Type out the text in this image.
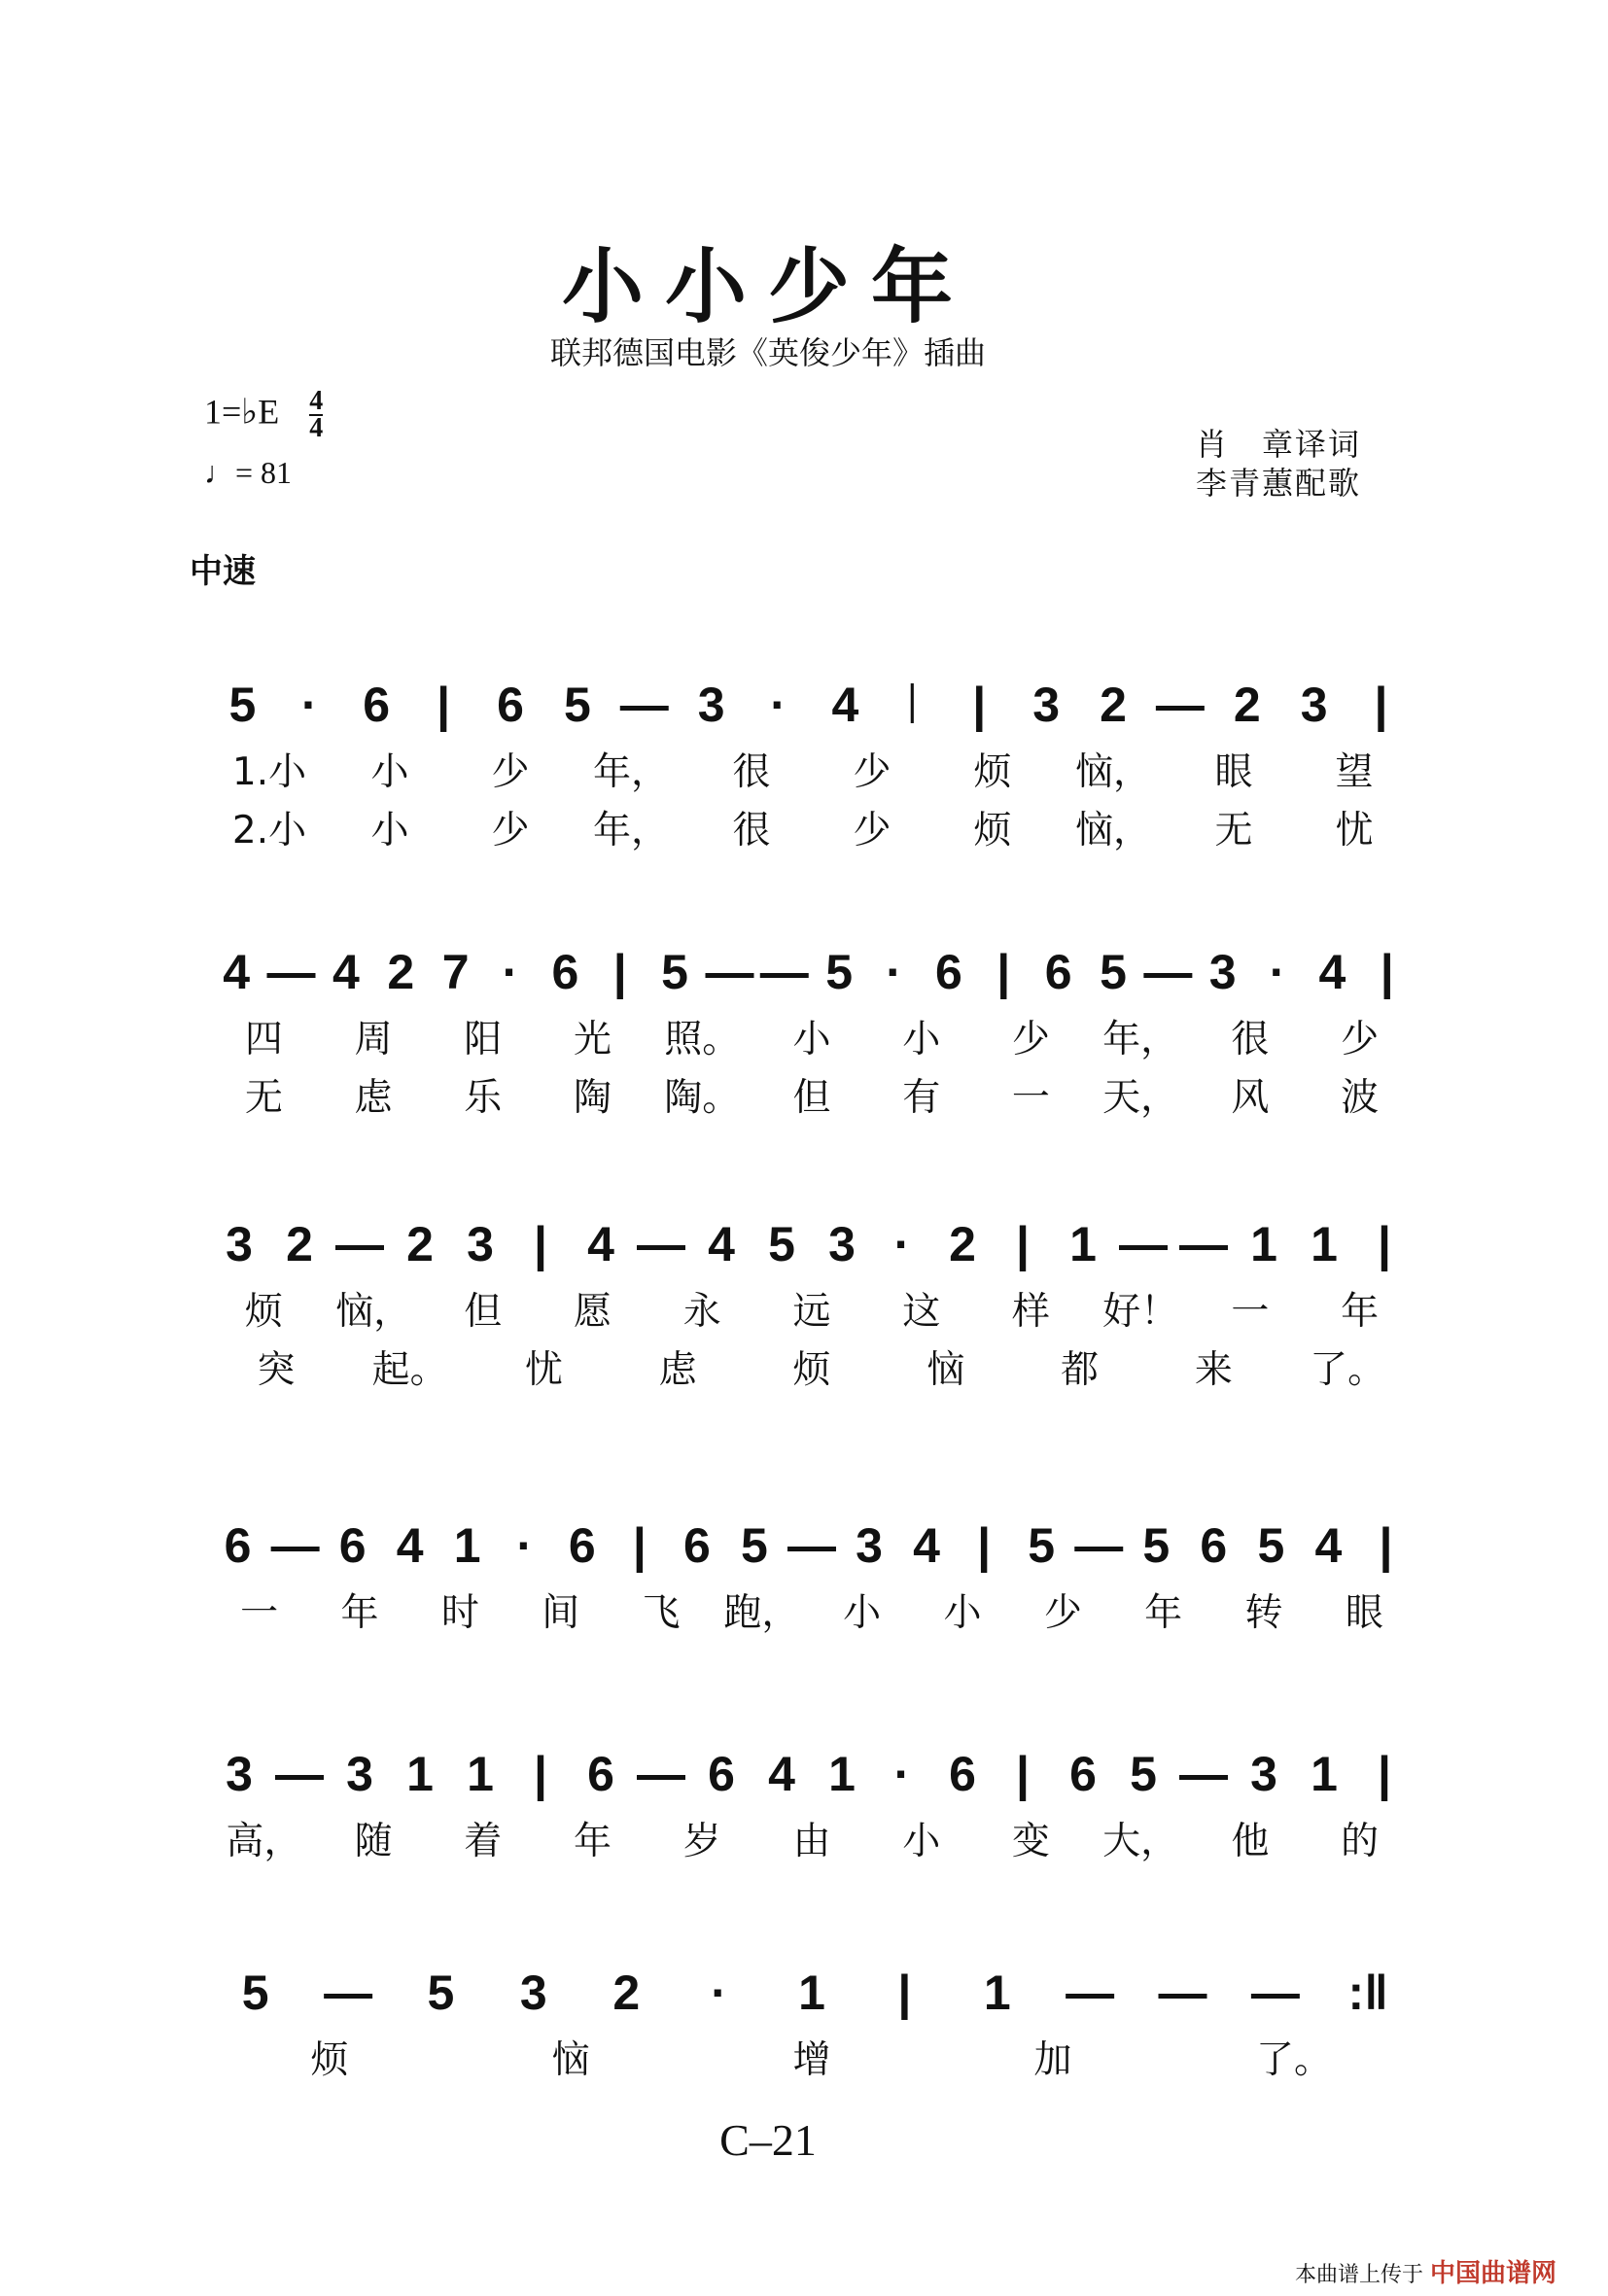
小小少年
联邦德国电影《英俊少年》插曲
1=♭E $\frac{4}{4}$
♩= 81
肖　章译词
李青蕙配歌
中速
5 · 6 | 6 5 — 3 · 4	𝄀	| 3 2 — 2 3 |
1.小	小	少	年，	很	少	烦	恼，	眼	望
2.小	小	少	年，	很	少	烦	恼，	无	忧
4 — 4 2 7 · 6 | 5 — — 5 · 6 | 6 5 — 3 · 4 |
四	周	阳	光	照。	小	小	少	年，	很	少
无	虑	乐	陶	陶。	但	有	一	天，	风	波
3 2 — 2 3 | 4 — 4 5 3 · 2 | 1 — — 1 1 |
烦	恼，	但	愿	永	远	这	样	好！	一	年
突	起。	忧	虑	烦	恼	都	来	了。
6 — 6 4 1 · 6 | 6 5 — 3 4 | 5 — 5 6 5 4 |
一	年	时	间	飞	跑，	小	小	少	年	转	眼
3 — 3 1 1 | 6 — 6 4 1 · 6 | 6 5 — 3 1 |
高，	随	着	年	岁	由	小	变	大，	他	的
5	—	5	3	2	·	1	|	1	— — — :‖
烦	恼	增	加	了。
C–21
本曲谱上传于 中国曲谱网
